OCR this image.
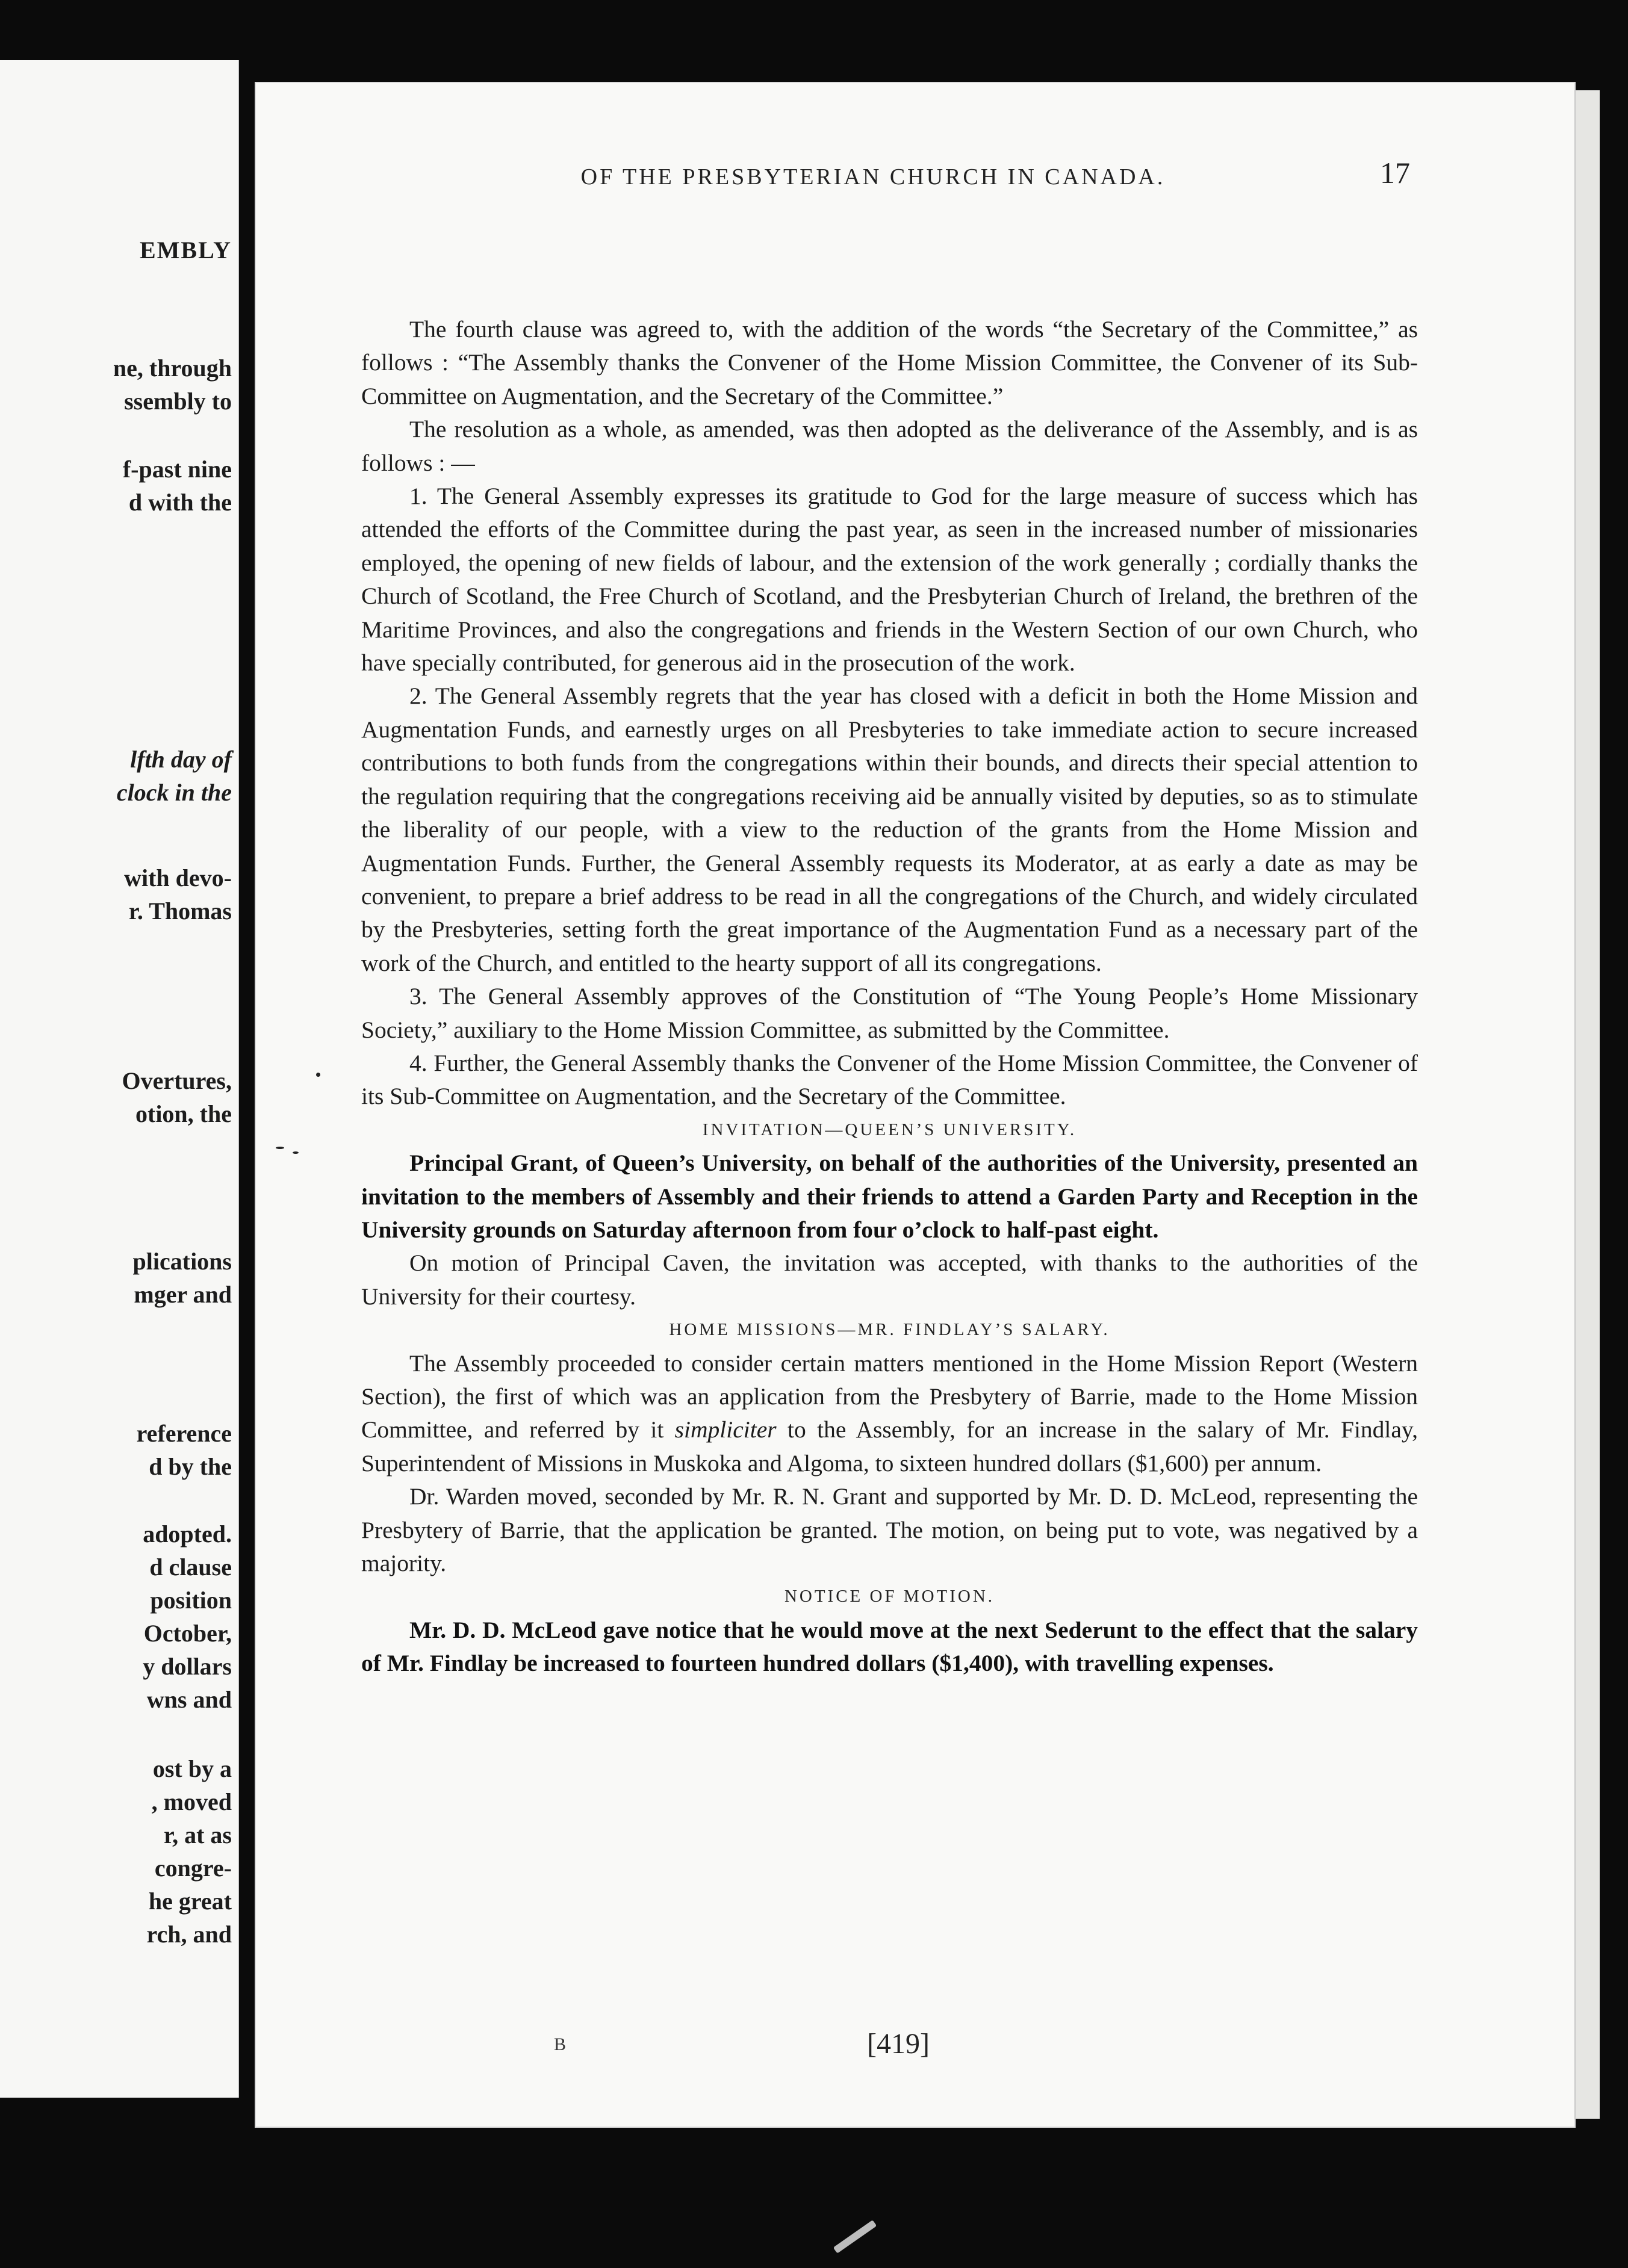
EMBLY
ne, through
ssembly to
f-past nine
d with the
lfth day of
clock in the
with devo-
r. Thomas
Overtures,
otion, the
plications
mger and
reference
d by the
adopted.
d clause
position
October,
y dollars
wns and
ost by a
, moved
r, at as
congre-
he great
rch, and
OF THE PRESBYTERIAN CHURCH IN CANADA.	17

The fourth clause was agreed to, with the addition of the words “the Secretary of the Committee,” as follows : “The Assembly thanks the Convener of the Home Mission Committee, the Convener of its Sub-Committee on Augmentation, and the Secretary of the Committee.”

The resolution as a whole, as amended, was then adopted as the deliverance of the Assembly, and is as follows : —

1. The General Assembly expresses its gratitude to God for the large measure of success which has attended the efforts of the Committee during the past year, as seen in the increased number of missionaries employed, the opening of new fields of labour, and the extension of the work generally ; cordially thanks the Church of Scotland, the Free Church of Scotland, and the Presbyterian Church of Ireland, the brethren of the Maritime Provinces, and also the congregations and friends in the Western Section of our own Church, who have specially contributed, for generous aid in the prosecution of the work.

2. The General Assembly regrets that the year has closed with a deficit in both the Home Mission and Augmentation Funds, and earnestly urges on all Presbyteries to take immediate action to secure increased contributions to both funds from the congregations within their bounds, and directs their special attention to the regulation requiring that the congregations receiving aid be annually visited by deputies, so as to stimulate the liberality of our people, with a view to the reduction of the grants from the Home Mission and Augmentation Funds. Further, the General Assembly requests its Moderator, at as early a date as may be convenient, to prepare a brief address to be read in all the congregations of the Church, and widely circulated by the Presbyteries, setting forth the great importance of the Augmentation Fund as a necessary part of the work of the Church, and entitled to the hearty support of all its congregations.

3. The General Assembly approves of the Constitution of “The Young People’s Home Missionary Society,” auxiliary to the Home Mission Committee, as submitted by the Committee.

4. Further, the General Assembly thanks the Convener of the Home Mission Committee, the Convener of its Sub-Committee on Augmentation, and the Secretary of the Committee.

INVITATION—QUEEN’S UNIVERSITY.

Principal Grant, of Queen’s University, on behalf of the authorities of the University, presented an invitation to the members of Assembly and their friends to attend a Garden Party and Reception in the University grounds on Saturday afternoon from four o’clock to half-past eight.

On motion of Principal Caven, the invitation was accepted, with thanks to the authorities of the University for their courtesy.

HOME MISSIONS—MR. FINDLAY’S SALARY.

The Assembly proceeded to consider certain matters mentioned in the Home Mission Report (Western Section), the first of which was an application from the Presbytery of Barrie, made to the Home Mission Committee, and referred by it simpliciter to the Assembly, for an increase in the salary of Mr. Findlay, Superintendent of Missions in Muskoka and Algoma, to sixteen hundred dollars ($1,600) per annum.

Dr. Warden moved, seconded by Mr. R. N. Grant and supported by Mr. D. D. McLeod, representing the Presbytery of Barrie, that the application be granted. The motion, on being put to vote, was negatived by a majority.

NOTICE OF MOTION.

Mr. D. D. McLeod gave notice that he would move at the next Sederunt to the effect that the salary of Mr. Findlay be increased to fourteen hundred dollars ($1,400), with travelling expenses.

B	[419]
